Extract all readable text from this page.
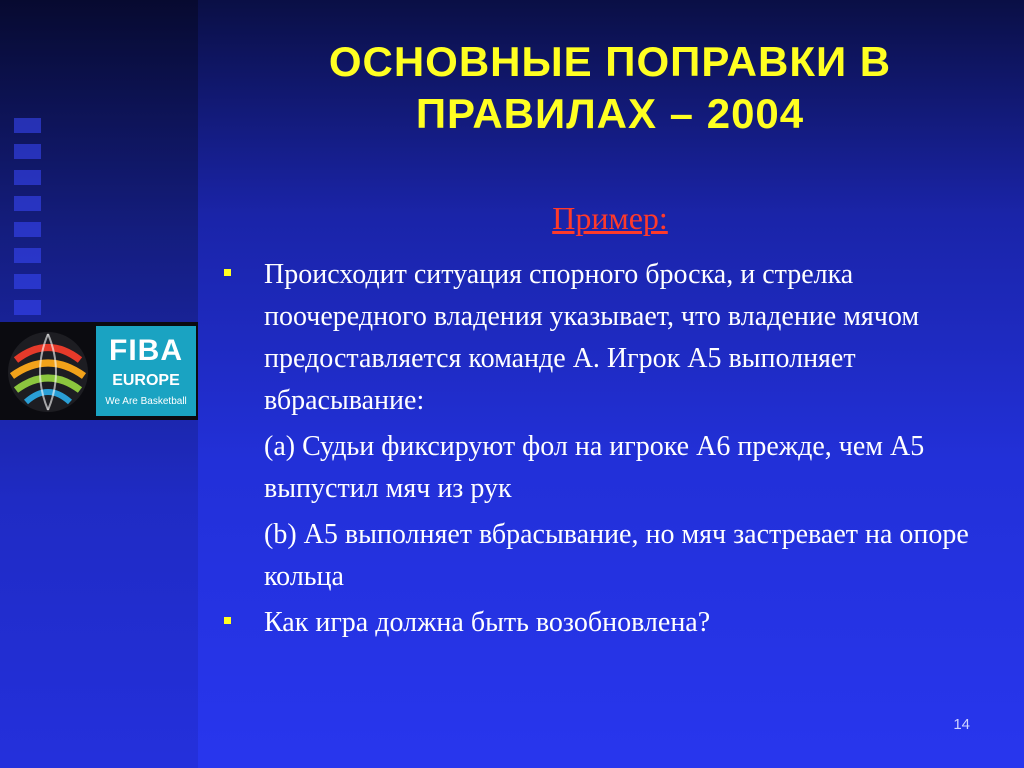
FIBA
EUROPE
We Are Basketball
ОСНОВНЫЕ ПОПРАВКИ В ПРАВИЛАХ – 2004
Пример:
Происходит ситуация спорного броска, и стрелка поочередного владения указывает, что владение мячом предоставляется команде А. Игрок А5 выполняет вбрасывание:
(a) Судьи фиксируют фол на игроке А6 прежде, чем А5 выпустил мяч из рук
(b) А5 выполняет вбрасывание, но мяч застревает на опоре кольца
Как игра должна быть возобновлена?
14
